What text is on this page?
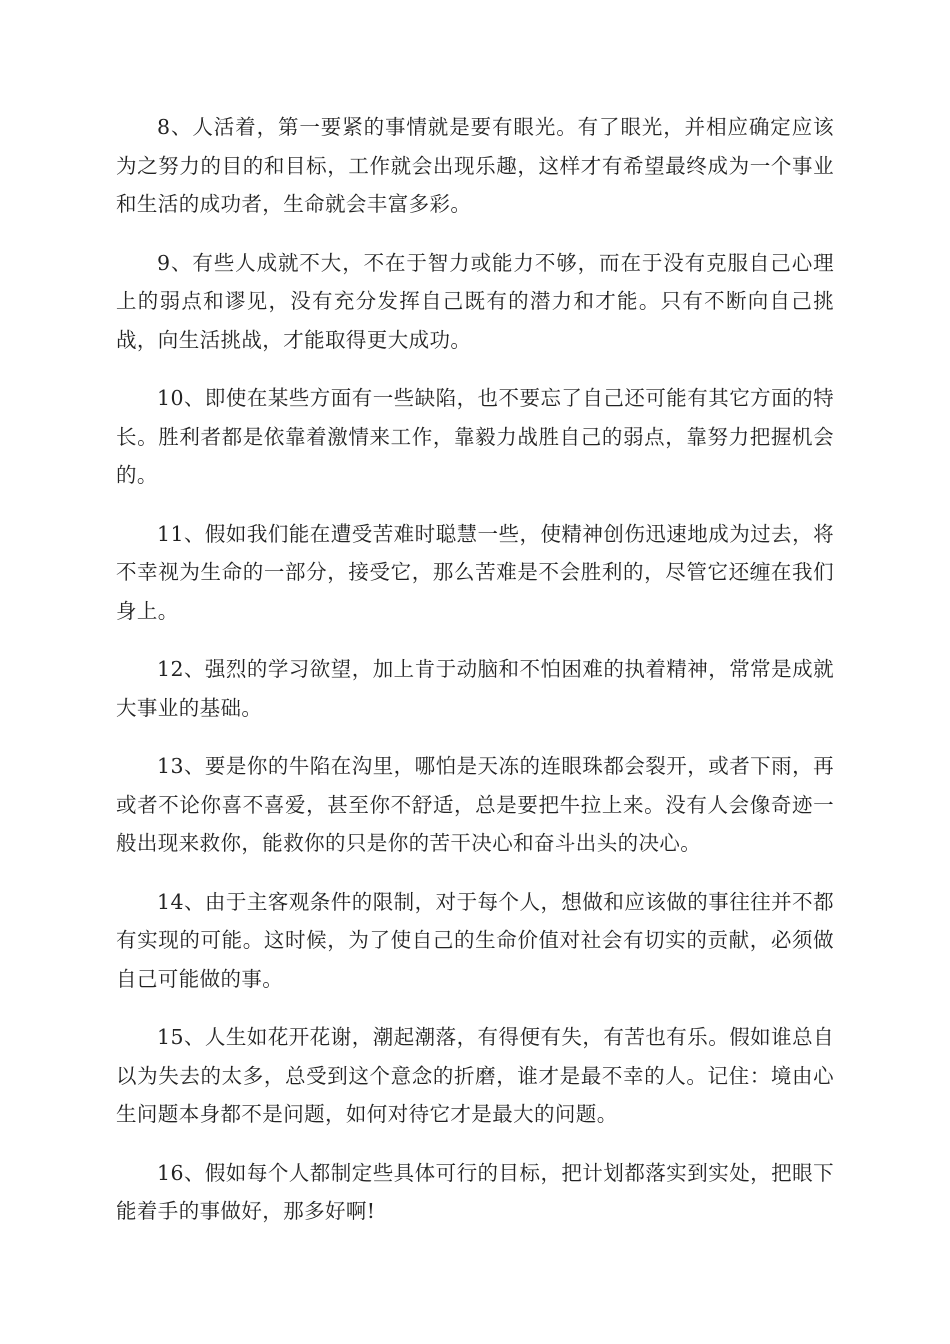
8、人活着，第一要紧的事情就是要有眼光。有了眼光，并相应确定应该为之努力的目的和目标，工作就会出现乐趣，这样才有希望最终成为一个事业和生活的成功者，生命就会丰富多彩。

9、有些人成就不大，不在于智力或能力不够，而在于没有克服自己心理上的弱点和谬见，没有充分发挥自己既有的潜力和才能。只有不断向自己挑战，向生活挑战，才能取得更大成功。

10、即使在某些方面有一些缺陷，也不要忘了自己还可能有其它方面的特长。胜利者都是依靠着激情来工作，靠毅力战胜自己的弱点，靠努力把握机会的。

11、假如我们能在遭受苦难时聪慧一些，使精神创伤迅速地成为过去，将不幸视为生命的一部分，接受它，那么苦难是不会胜利的，尽管它还缠在我们身上。

12、强烈的学习欲望，加上肯于动脑和不怕困难的执着精神，常常是成就大事业的基础。

13、要是你的牛陷在沟里，哪怕是天冻的连眼珠都会裂开，或者下雨，再或者不论你喜不喜爱，甚至你不舒适，总是要把牛拉上来。没有人会像奇迹一般出现来救你，能救你的只是你的苦干决心和奋斗出头的决心。

14、由于主客观条件的限制，对于每个人，想做和应该做的事往往并不都有实现的可能。这时候，为了使自己的生命价值对社会有切实的贡献，必须做自己可能做的事。

15、人生如花开花谢，潮起潮落，有得便有失，有苦也有乐。假如谁总自以为失去的太多，总受到这个意念的折磨，谁才是最不幸的人。记住：境由心生问题本身都不是问题，如何对待它才是最大的问题。

16、假如每个人都制定些具体可行的目标，把计划都落实到实处，把眼下能着手的事做好，那多好啊!
